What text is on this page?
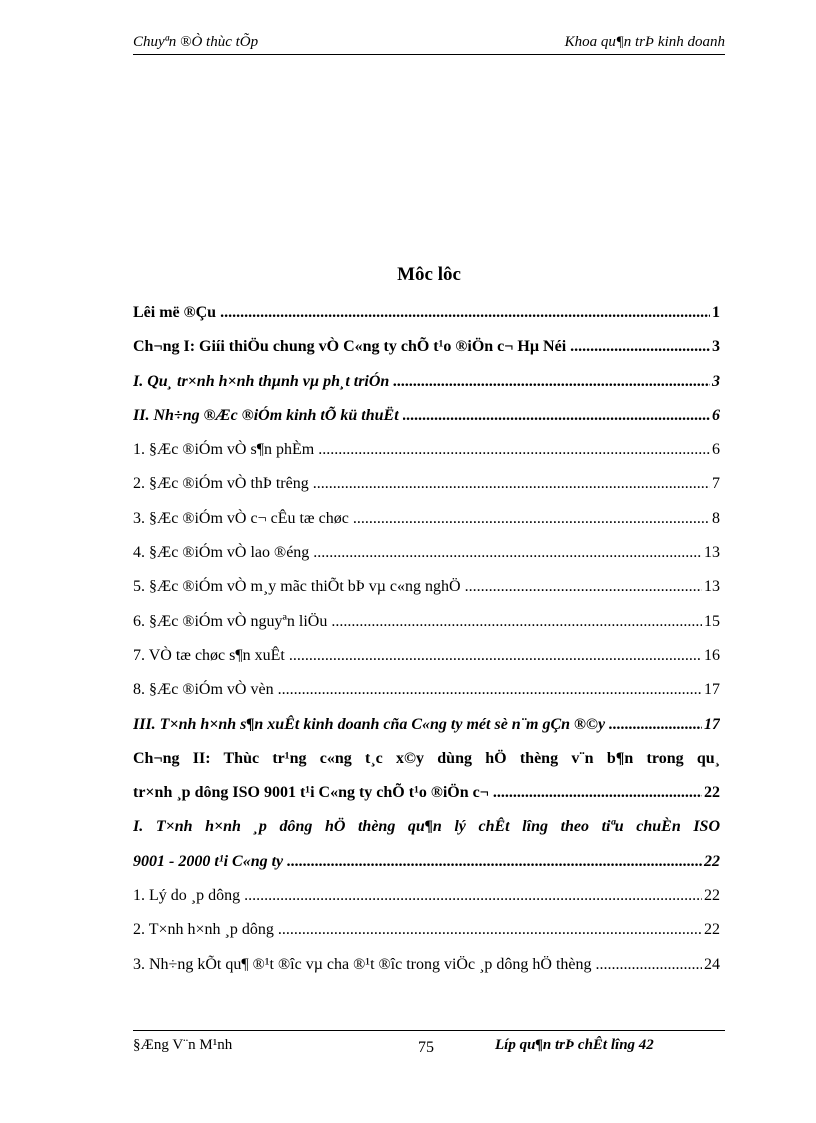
Chuyªn ®Ò thùc tÕp	Khoa qu¶n trÞ kinh doanh
Môc lôc
Lêi më ®Çu .....	1
Ch¬ng I: Giíi thiÖu chung vÒ C«ng ty chÕ t¹o ®iÖn c¬ Hµ Néi .....	3
I. Qu¸ tr×nh h×nh thµnh vµ ph¸t triÓn .....	3
II. Nh÷ng ®Æc ®iÓm kinh tÕ kü thuËt .....	6
1. §Æc ®iÓm vÒ s¶n phÈm .....	6
2. §Æc ®iÓm vÒ thÞ trêng .....	7
3. §Æc ®iÓm vÒ c¬ cÊu tæ chøc .....	8
4. §Æc ®iÓm vÒ lao ®éng .....	13
5. §Æc ®iÓm vÒ m¸y mãc thiÕt bÞ vµ c«ng nghÖ .....	13
6. §Æc ®iÓm vÒ nguyªn liÖu .....	15
7. VÒ tæ chøc s¶n xuÊt .....	16
8. §Æc ®iÓm vÒ vèn .....	17
III. T×nh h×nh s¶n xuÊt kinh doanh cña C«ng ty mét sè n¨m gÇn ®©y .....	17
Ch¬ng II: Thùc tr¹ng c«ng t¸c x©y dùng hÖ thèng v¨n b¶n trong qu¸
tr×nh ¸p dông ISO 9001 t¹i C«ng ty chÕ t¹o ®iÖn c¬ .....	22
I. T×nh h×nh ¸p dông hÖ thèng qu¶n lý chÊt lîng theo tiªu chuÈn ISO
9001 - 2000 t¹i C«ng ty .....	22
1. Lý do ¸p dông .....	22
2. T×nh h×nh ¸p dông .....	22
3. Nh÷ng kÕt qu¶ ®¹t ®îc vµ cha ®¹t ®îc trong viÖc ¸p dông hÖ thèng .....	24
§Æng V¨n M¹nh	75	Líp qu¶n trÞ chÊt lîng 42
